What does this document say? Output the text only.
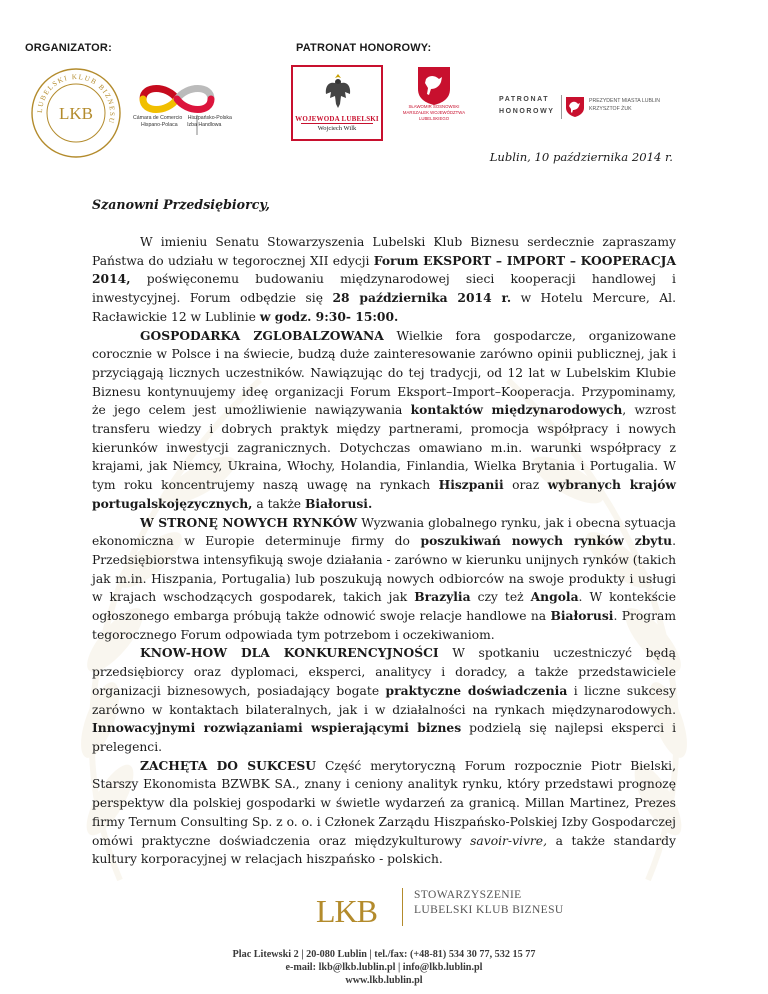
ORGANIZATOR:	PATRONAT HONOROWY:
LUBELSKI KLUB BIZNESU
LKB	Cámara de Comercio Hiszpańsko-Polska
Hispano-Polaca Izba Handlowa
WOJEWODA LUBELSKI
Wojciech Wilk
SŁAWOMIR SOSNOWSKI
MARSZAŁEK WOJEWÓDZTWA
LUBELSKIEGO
PATRONAT
HONOROWY
PREZYDENT MIASTA LUBLIN
KRZYSZTOF ŻUK
Lublin, 10 października 2014 r.
Szanowni Przedsiębiorcy,

W imieniu Senatu Stowarzyszenia Lubelski Klub Biznesu serdecznie zapraszamy Państwa do udziału w tegorocznej XII edycji Forum EKSPORT – IMPORT – KOOPERACJA 2014, poświęconemu budowaniu międzynarodowej sieci kooperacji handlowej i inwestycyjnej. Forum odbędzie się 28 października 2014 r. w Hotelu Mercure, Al. Racławickie 12 w Lublinie w godz. 9:30- 15:00.

GOSPODARKA ZGLOBALZOWANA Wielkie fora gospodarcze, organizowane corocznie w Polsce i na świecie, budzą duże zainteresowanie zarówno opinii publicznej, jak i przyciągają licznych uczestników. Nawiązując do tej tradycji, od 12 lat w Lubelskim Klubie Biznesu kontynuujemy ideę organizacji Forum Eksport–Import–Kooperacja. Przypominamy, że jego celem jest umożliwienie nawiązywania kontaktów międzynarodowych, wzrost transferu wiedzy i dobrych praktyk między partnerami, promocja współpracy i nowych kierunków inwestycji zagranicznych. Dotychczas omawiano m.in. warunki współpracy z krajami, jak Niemcy, Ukraina, Włochy, Holandia, Finlandia, Wielka Brytania i Portugalia. W tym roku koncentrujemy naszą uwagę na rynkach Hiszpanii oraz wybranych krajów portugalskojęzycznych, a także Białorusi.

W STRONĘ NOWYCH RYNKÓW Wyzwania globalnego rynku, jak i obecna sytuacja ekonomiczna w Europie determinuje firmy do poszukiwań nowych rynków zbytu. Przedsiębiorstwa intensyfikują swoje działania - zarówno w kierunku unijnych rynków (takich jak m.in. Hiszpania, Portugalia) lub poszukują nowych odbiorców na swoje produkty i usługi w krajach wschodzących gospodarek, takich jak Brazylia czy też Angola. W kontekście ogłoszonego embarga próbują także odnowić swoje relacje handlowe na Białorusi. Program tegorocznego Forum odpowiada tym potrzebom i oczekiwaniom.

KNOW-HOW DLA KONKURENCYJNOŚCI W spotkaniu uczestniczyć będą przedsiębiorcy oraz dyplomaci, eksperci, analitycy i doradcy, a także przedstawiciele organizacji biznesowych, posiadający bogate praktyczne doświadczenia i liczne sukcesy zarówno w kontaktach bilateralnych, jak i w działalności na rynkach międzynarodowych. Innowacyjnymi rozwiązaniami wspierającymi biznes podzielą się najlepsi eksperci i prelegenci.

ZACHĘTA DO SUKCESU Część merytoryczną Forum rozpocznie Piotr Bielski, Starszy Ekonomista BZWBK SA., znany i ceniony analityk rynku, który przedstawi prognozę perspektyw dla polskiej gospodarki w świetle wydarzeń za granicą. Millan Martinez, Prezes firmy Ternum Consulting Sp. z o. o. i Członek Zarządu Hiszpańsko-Polskiej Izby Gospodarczej omówi praktyczne doświadczenia oraz międzykulturowy savoir-vivre, a także standardy kultury korporacyjnej w relacjach hiszpańsko - polskich.

LKB	STOWARZYSZENIE
LUBELSKI KLUB BIZNESU
Plac Litewski 2 | 20-080 Lublin | tel./fax: (+48-81) 534 30 77, 532 15 77
e-mail: lkb@lkb.lublin.pl | info@lkb.lublin.pl
www.lkb.lublin.pl
